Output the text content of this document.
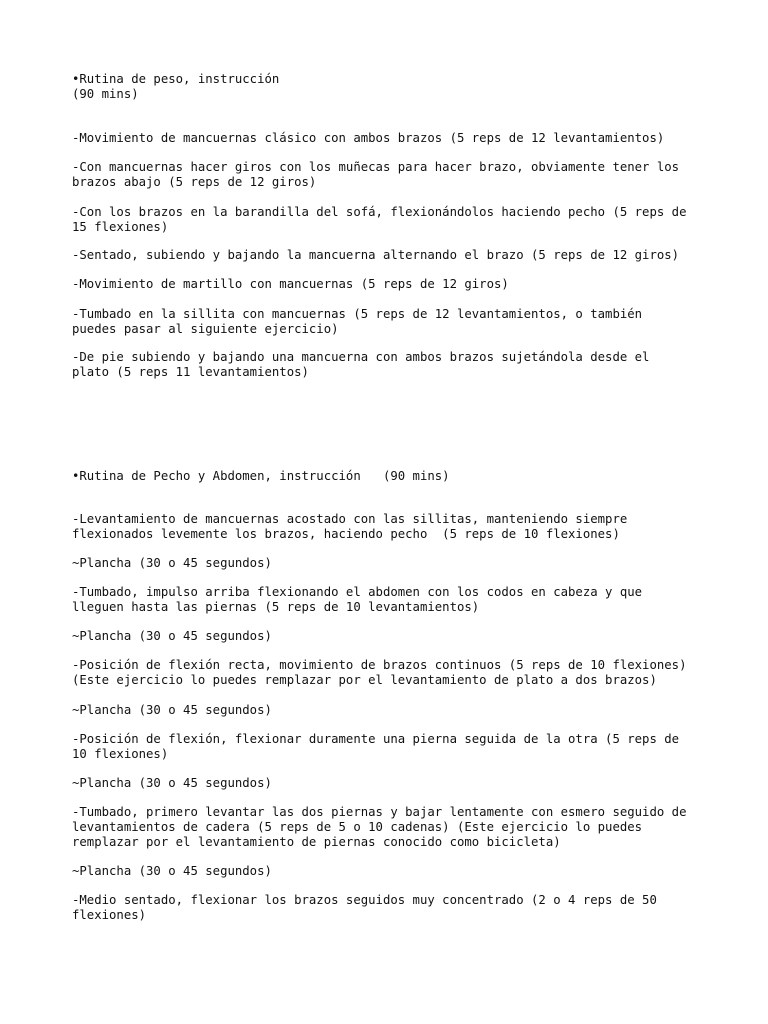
•Rutina de peso, instrucción
(90 mins)
-Movimiento de mancuernas clásico con ambos brazos (5 reps de 12 levantamientos)
-Con mancuernas hacer giros con los muñecas para hacer brazo, obviamente tener los
brazos abajo (5 reps de 12 giros)
-Con los brazos en la barandilla del sofá, flexionándolos haciendo pecho (5 reps de
15 flexiones)
-Sentado, subiendo y bajando la mancuerna alternando el brazo (5 reps de 12 giros)
-Movimiento de martillo con mancuernas (5 reps de 12 giros)
-Tumbado en la sillita con mancuernas (5 reps de 12 levantamientos, o también
puedes pasar al siguiente ejercicio)
-De pie subiendo y bajando una mancuerna con ambos brazos sujetándola desde el
plato (5 reps 11 levantamientos)
•Rutina de Pecho y Abdomen, instrucción   (90 mins)
-Levantamiento de mancuernas acostado con las sillitas, manteniendo siempre
flexionados levemente los brazos, haciendo pecho  (5 reps de 10 flexiones)
~Plancha (30 o 45 segundos)
-Tumbado, impulso arriba flexionando el abdomen con los codos en cabeza y que
lleguen hasta las piernas (5 reps de 10 levantamientos)
~Plancha (30 o 45 segundos)
-Posición de flexión recta, movimiento de brazos continuos (5 reps de 10 flexiones)
(Este ejercicio lo puedes remplazar por el levantamiento de plato a dos brazos)
~Plancha (30 o 45 segundos)
-Posición de flexión, flexionar duramente una pierna seguida de la otra (5 reps de
10 flexiones)
~Plancha (30 o 45 segundos)
-Tumbado, primero levantar las dos piernas y bajar lentamente con esmero seguido de
levantamientos de cadera (5 reps de 5 o 10 cadenas) (Este ejercicio lo puedes
remplazar por el levantamiento de piernas conocido como bicicleta)
~Plancha (30 o 45 segundos)
-Medio sentado, flexionar los brazos seguidos muy concentrado (2 o 4 reps de 50
flexiones)
